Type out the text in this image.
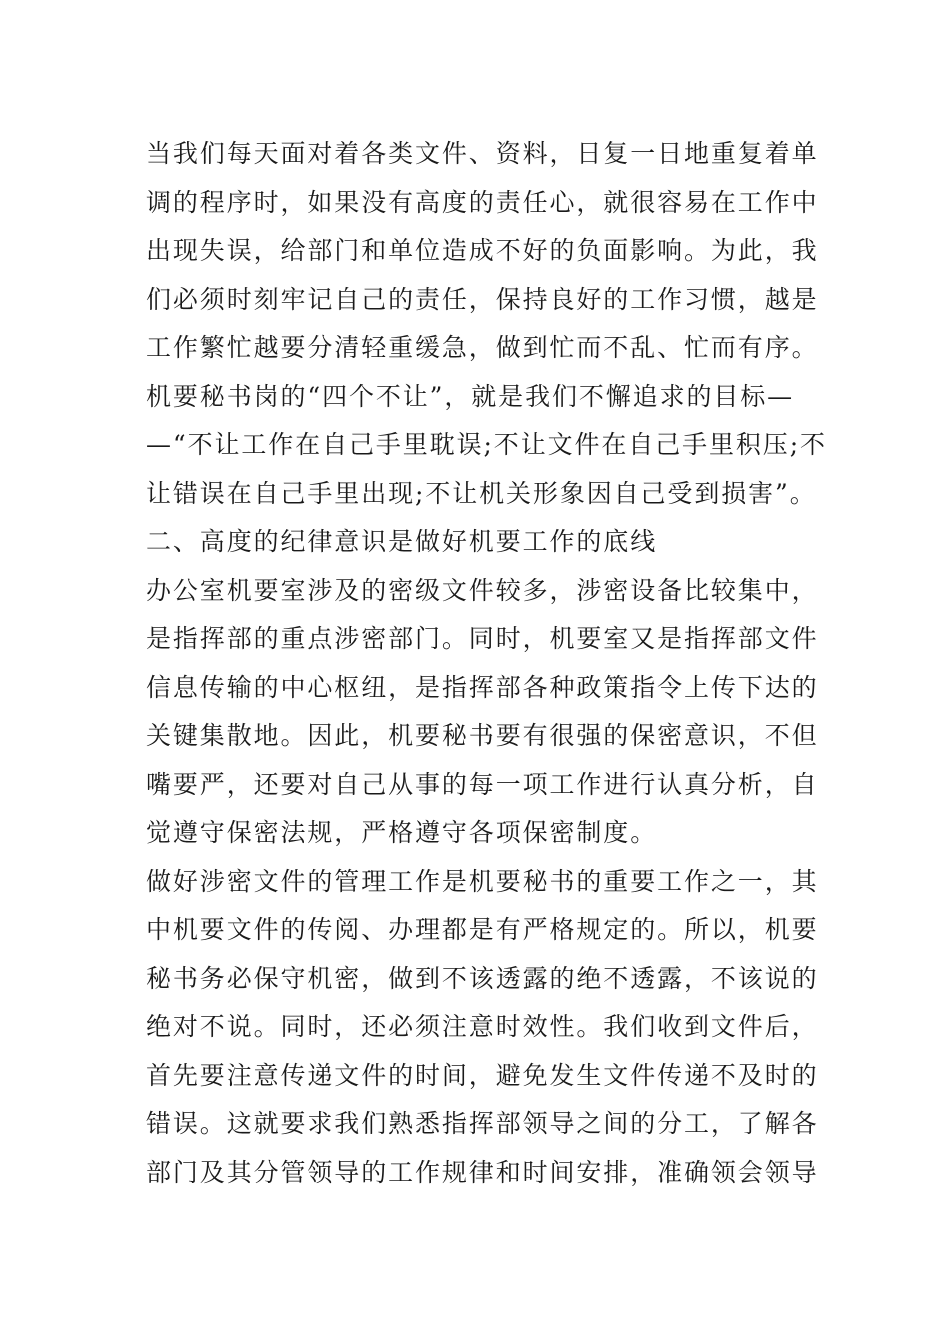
当我们每天面对着各类文件、资料，日复一日地重复着单
调的程序时，如果没有高度的责任心，就很容易在工作中
出现失误，给部门和单位造成不好的负面影响。为此，我
们必须时刻牢记自己的责任，保持良好的工作习惯，越是
工作繁忙越要分清轻重缓急，做到忙而不乱、忙而有序。
机要秘书岗的“四个不让”，就是我们不懈追求的目标—
—“不让工作在自己手里耽误;不让文件在自己手里积压;不
让错误在自己手里出现;不让机关形象因自己受到损害”。
二、高度的纪律意识是做好机要工作的底线
办公室机要室涉及的密级文件较多，涉密设备比较集中，
是指挥部的重点涉密部门。同时，机要室又是指挥部文件
信息传输的中心枢纽，是指挥部各种政策指令上传下达的
关键集散地。因此，机要秘书要有很强的保密意识，不但
嘴要严，还要对自己从事的每一项工作进行认真分析，自
觉遵守保密法规，严格遵守各项保密制度。
做好涉密文件的管理工作是机要秘书的重要工作之一，其
中机要文件的传阅、办理都是有严格规定的。所以，机要
秘书务必保守机密，做到不该透露的绝不透露，不该说的
绝对不说。同时，还必须注意时效性。我们收到文件后，
首先要注意传递文件的时间，避免发生文件传递不及时的
错误。这就要求我们熟悉指挥部领导之间的分工，了解各
部门及其分管领导的工作规律和时间安排，准确领会领导
